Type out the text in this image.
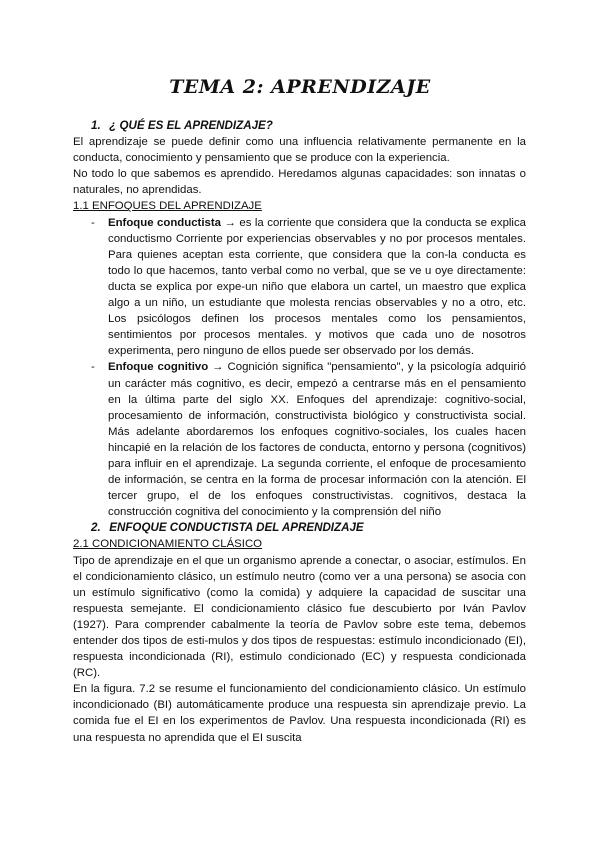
TEMA 2: APRENDIZAJE
1. ¿ QUÉ ES EL APRENDIZAJE?

El aprendizaje se puede definir como una influencia relativamente permanente en la conducta, conocimiento y pensamiento que se produce con la experiencia.

No todo lo que sabemos es aprendido. Heredamos algunas capacidades: son innatas o naturales, no aprendidas.

1.1 ENFOQUES DEL APRENDIZAJE
- Enfoque conductista → es la corriente que considera que la conducta se explica conductismo Corriente por experiencias observables y no por procesos mentales. Para quienes aceptan esta corriente, que considera que la con-la conducta es todo lo que hacemos, tanto verbal como no verbal, que se ve u oye directamente: ducta se explica por expe-un niño que elabora un cartel, un maestro que explica algo a un niño, un estudiante que molesta rencias observables y no a otro, etc. Los psicólogos definen los procesos mentales como los pensamientos, sentimientos por procesos mentales. y motivos que cada uno de nosotros experimenta, pero ninguno de ellos puede ser observado por los demás.
- Enfoque cognitivo → Cognición significa "pensamiento", y la psicología adquirió un carácter más cognitivo, es decir, empezó a centrarse más en el pensamiento en la última parte del siglo XX. Enfoques del aprendizaje: cognitivo-social, procesamiento de información, constructivista biológico y constructivista social. Más adelante abordaremos los enfoques cognitivo-sociales, los cuales hacen hincapié en la relación de los factores de conducta, entorno y persona (cognitivos) para influir en el aprendizaje. La segunda corriente, el enfoque de procesamiento de información, se centra en la forma de procesar información con la atención. El tercer grupo, el de los enfoques constructivistas. cognitivos, destaca la construcción cognitiva del conocimiento y la comprensión del niño
2. ENFOQUE CONDUCTISTA DEL APRENDIZAJE
2.1 CONDICIONAMIENTO CLÁSICO

Tipo de aprendizaje en el que un organismo aprende a conectar, o asociar, estímulos. En el condicionamiento clásico, un estímulo neutro (como ver a una persona) se asocia con un estímulo significativo (como la comida) y adquiere la capacidad de suscitar una respuesta semejante. El condicionamiento clásico fue descubierto por Iván Pavlov (1927). Para comprender cabalmente la teoría de Pavlov sobre este tema, debemos entender dos tipos de esti-mulos y dos tipos de respuestas: estímulo incondicionado (EI), respuesta incondicionada (RI), estimulo condicionado (EC) y respuesta condicionada (RC).

En la figura. 7.2 se resume el funcionamiento del condicionamiento clásico. Un estímulo incondicionado (BI) automáticamente produce una respuesta sin aprendizaje previo. La comida fue el EI en los experimentos de Pavlov. Una respuesta incondicionada (RI) es una respuesta no aprendida que el EI suscita
